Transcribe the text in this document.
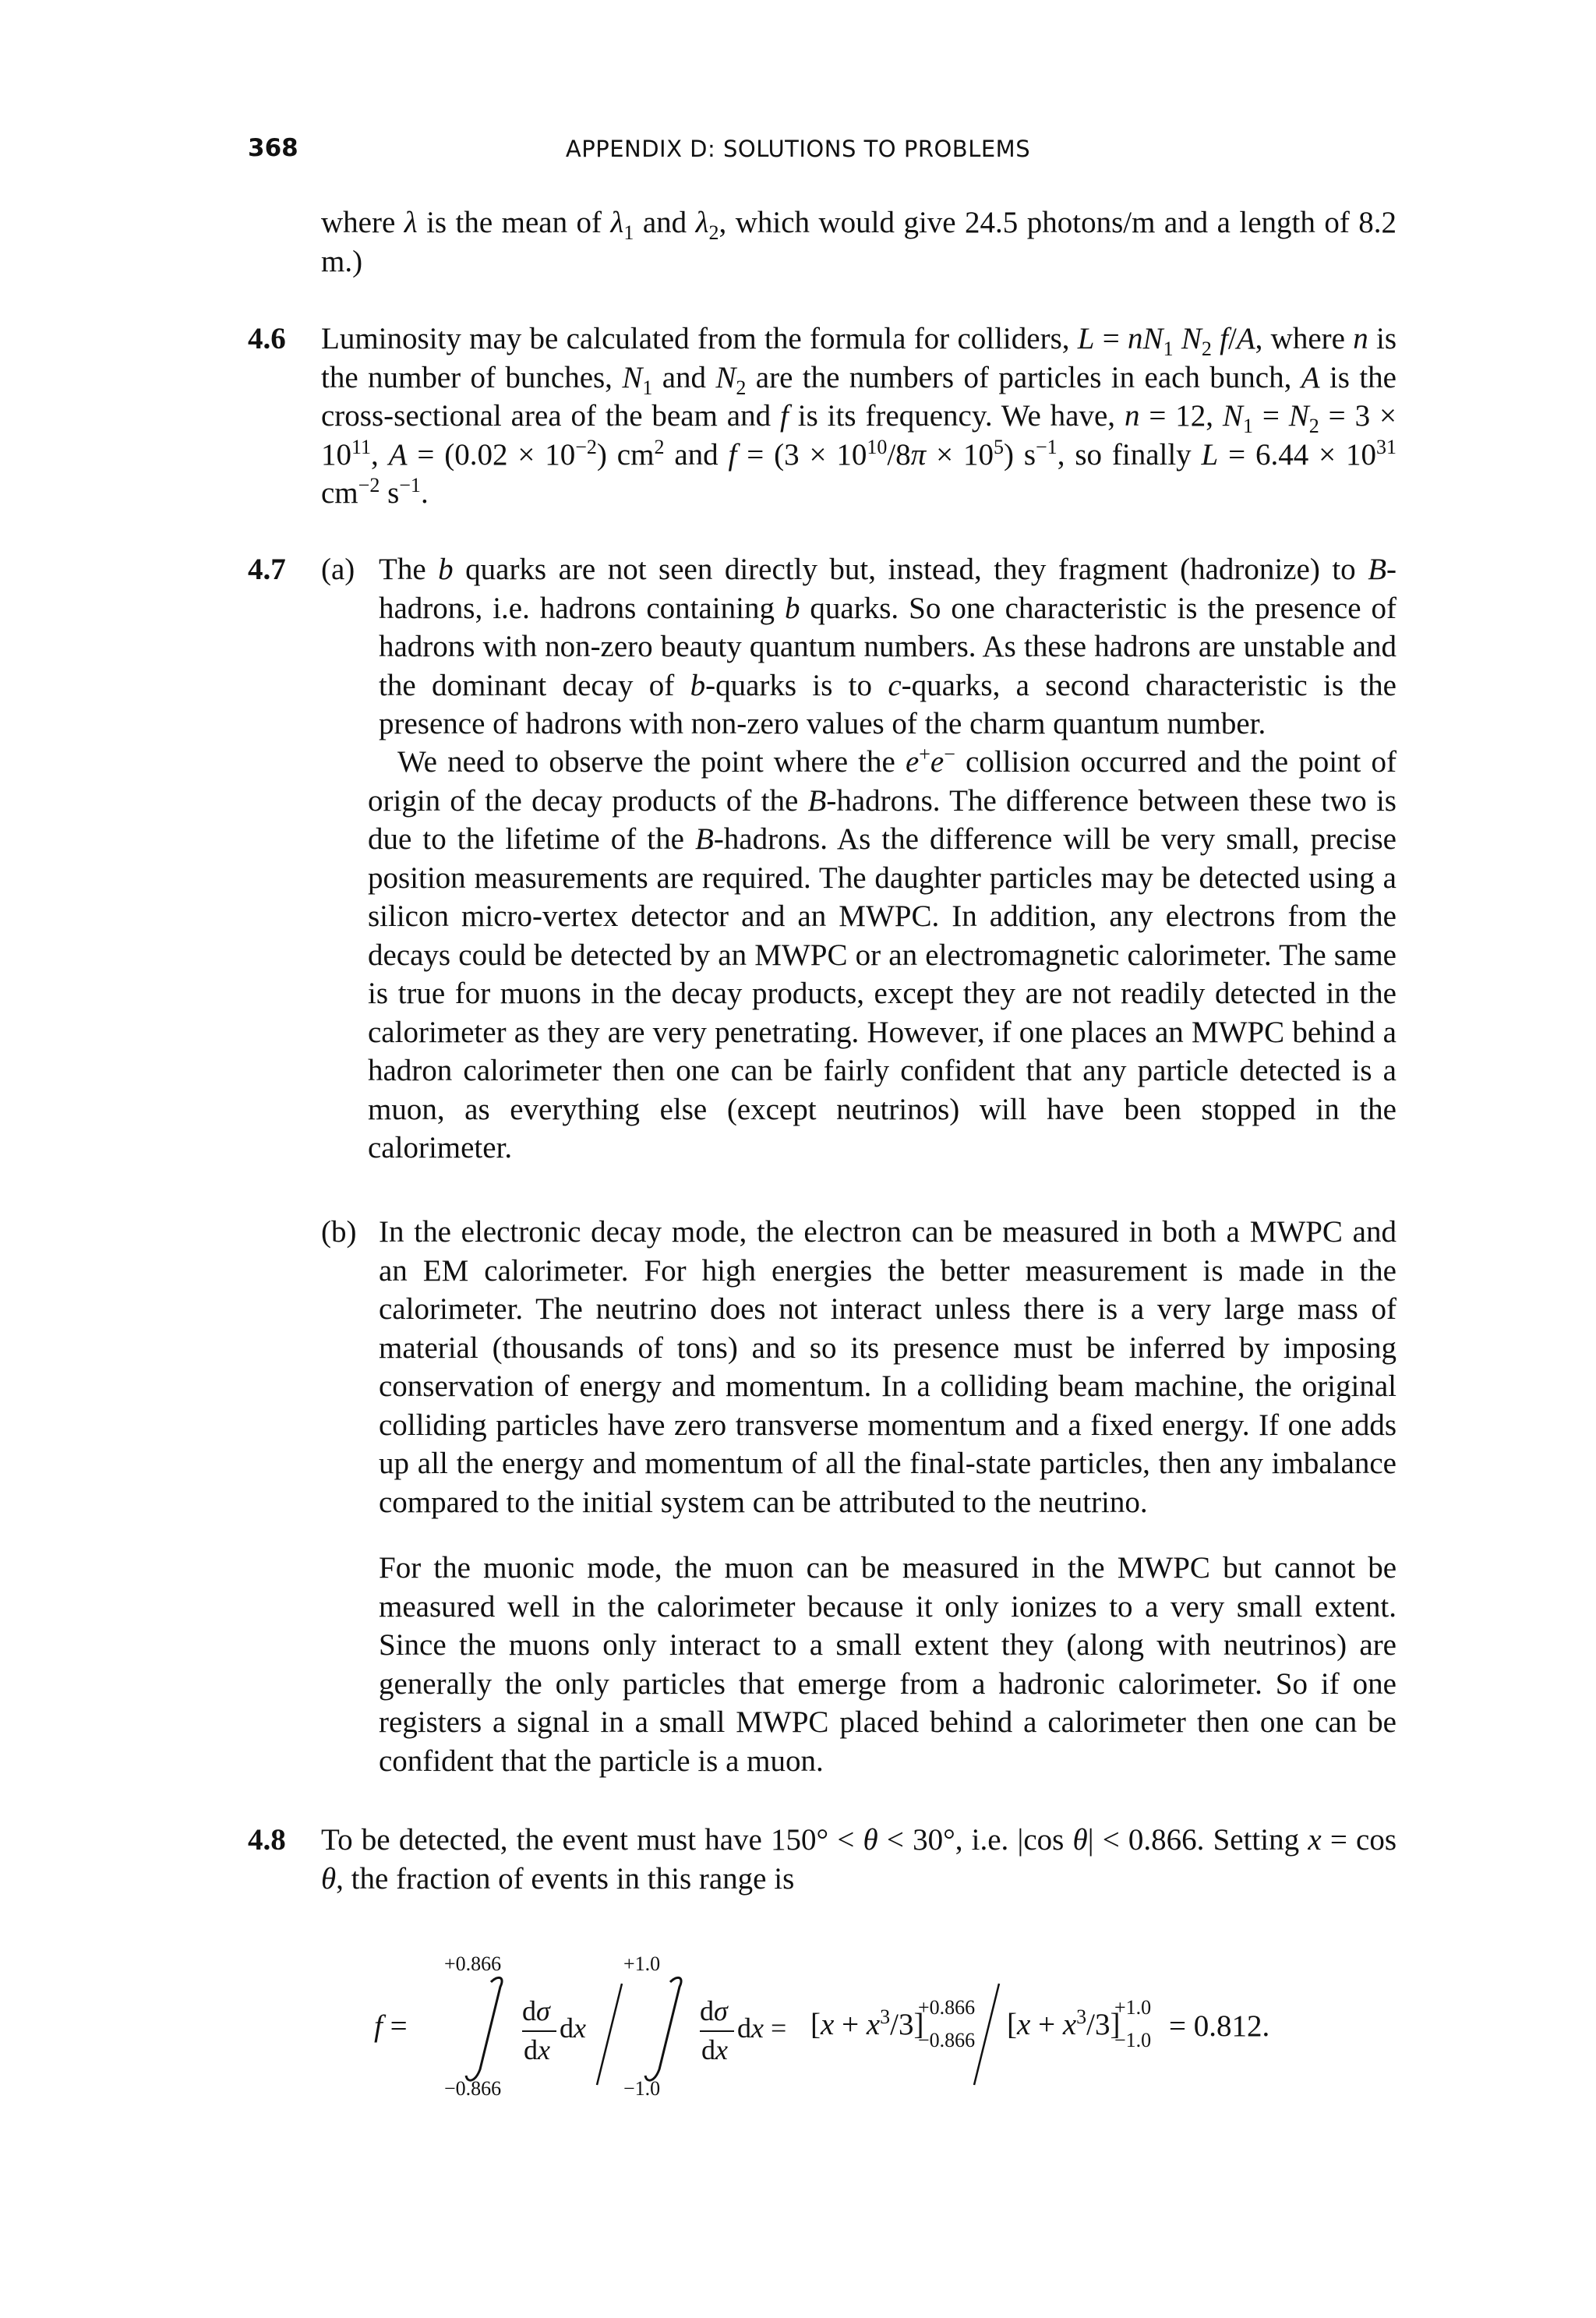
368	APPENDIX D: SOLUTIONS TO PROBLEMS
where λ is the mean of $\lambda_1$ and $\lambda_2$, which would give 24.5 photons/m and a length of 8.2 m.)
4.6 Luminosity may be calculated from the formula for colliders, $L = nN_1$ $N_2$ f/A, where n is the number of bunches, $N_1$ and $N_2$ are the numbers of particles in each bunch, A is the cross-sectional area of the beam and f is its frequency. We have, n = 12, $N_1 = N_2 = 3 \times 10^{11}$, $A = (0.02 \times 10^{-2})$ $cm^2$ and $f = (3 \times 10^{10}/8\pi \times 10^5)$ $s^{-1}$, so finally $L = 6.44 \times 10^{31}$ $cm^{-2}$ $s^{-1}$.
4.7 (a) The b quarks are not seen directly but, instead, they fragment (hadronize) to B-hadrons, i.e. hadrons containing b quarks. So one characteristic is the presence of hadrons with non-zero beauty quantum numbers. As these hadrons are unstable and the dominant decay of b-quarks is to c-quarks, a second characteristic is the presence of hadrons with non-zero values of the charm quantum number.
We need to observe the point where the e+e− collision occurred and the point of origin of the decay products of the B-hadrons. The difference between these two is due to the lifetime of the B-hadrons. As the difference will be very small, precise position measurements are required. The daughter particles may be detected using a silicon micro-vertex detector and an MWPC. In addition, any electrons from the decays could be detected by an MWPC or an electromagnetic calorimeter. The same is true for muons in the decay products, except they are not readily detected in the calorimeter as they are very penetrating. However, if one places an MWPC behind a hadron calorimeter then one can be fairly confident that any particle detected is a muon, as everything else (except neutrinos) will have been stopped in the calorimeter.
(b) In the electronic decay mode, the electron can be measured in both a MWPC and an EM calorimeter. For high energies the better measurement is made in the calorimeter. The neutrino does not interact unless there is a very large mass of material (thousands of tons) and so its presence must be inferred by imposing conservation of energy and momentum. In a colliding beam machine, the original colliding particles have zero transverse momentum and a fixed energy. If one adds up all the energy and momentum of all the final-state particles, then any imbalance compared to the initial system can be attributed to the neutrino.
For the muonic mode, the muon can be measured in the MWPC but cannot be measured well in the calorimeter because it only ionizes to a very small extent. Since the muons only interact to a small extent they (along with neutrinos) are generally the only particles that emerge from a hadronic calorimeter. So if one registers a signal in a small MWPC placed behind a calorimeter then one can be confident that the particle is a muon.
4.8 To be detected, the event must have 150° < θ < 30°, i.e. |cos θ| < 0.866. Setting x = cos θ, the fraction of events in this range is
f =
+0.866
−0.866
dσ
dx
dx
+1.0
−1.0
dσ
dx
dx = $[x + x^3/3]$
+0.866
−0.866 $[x + x^3/3]$
+1.0
−1.0 = 0.812.
